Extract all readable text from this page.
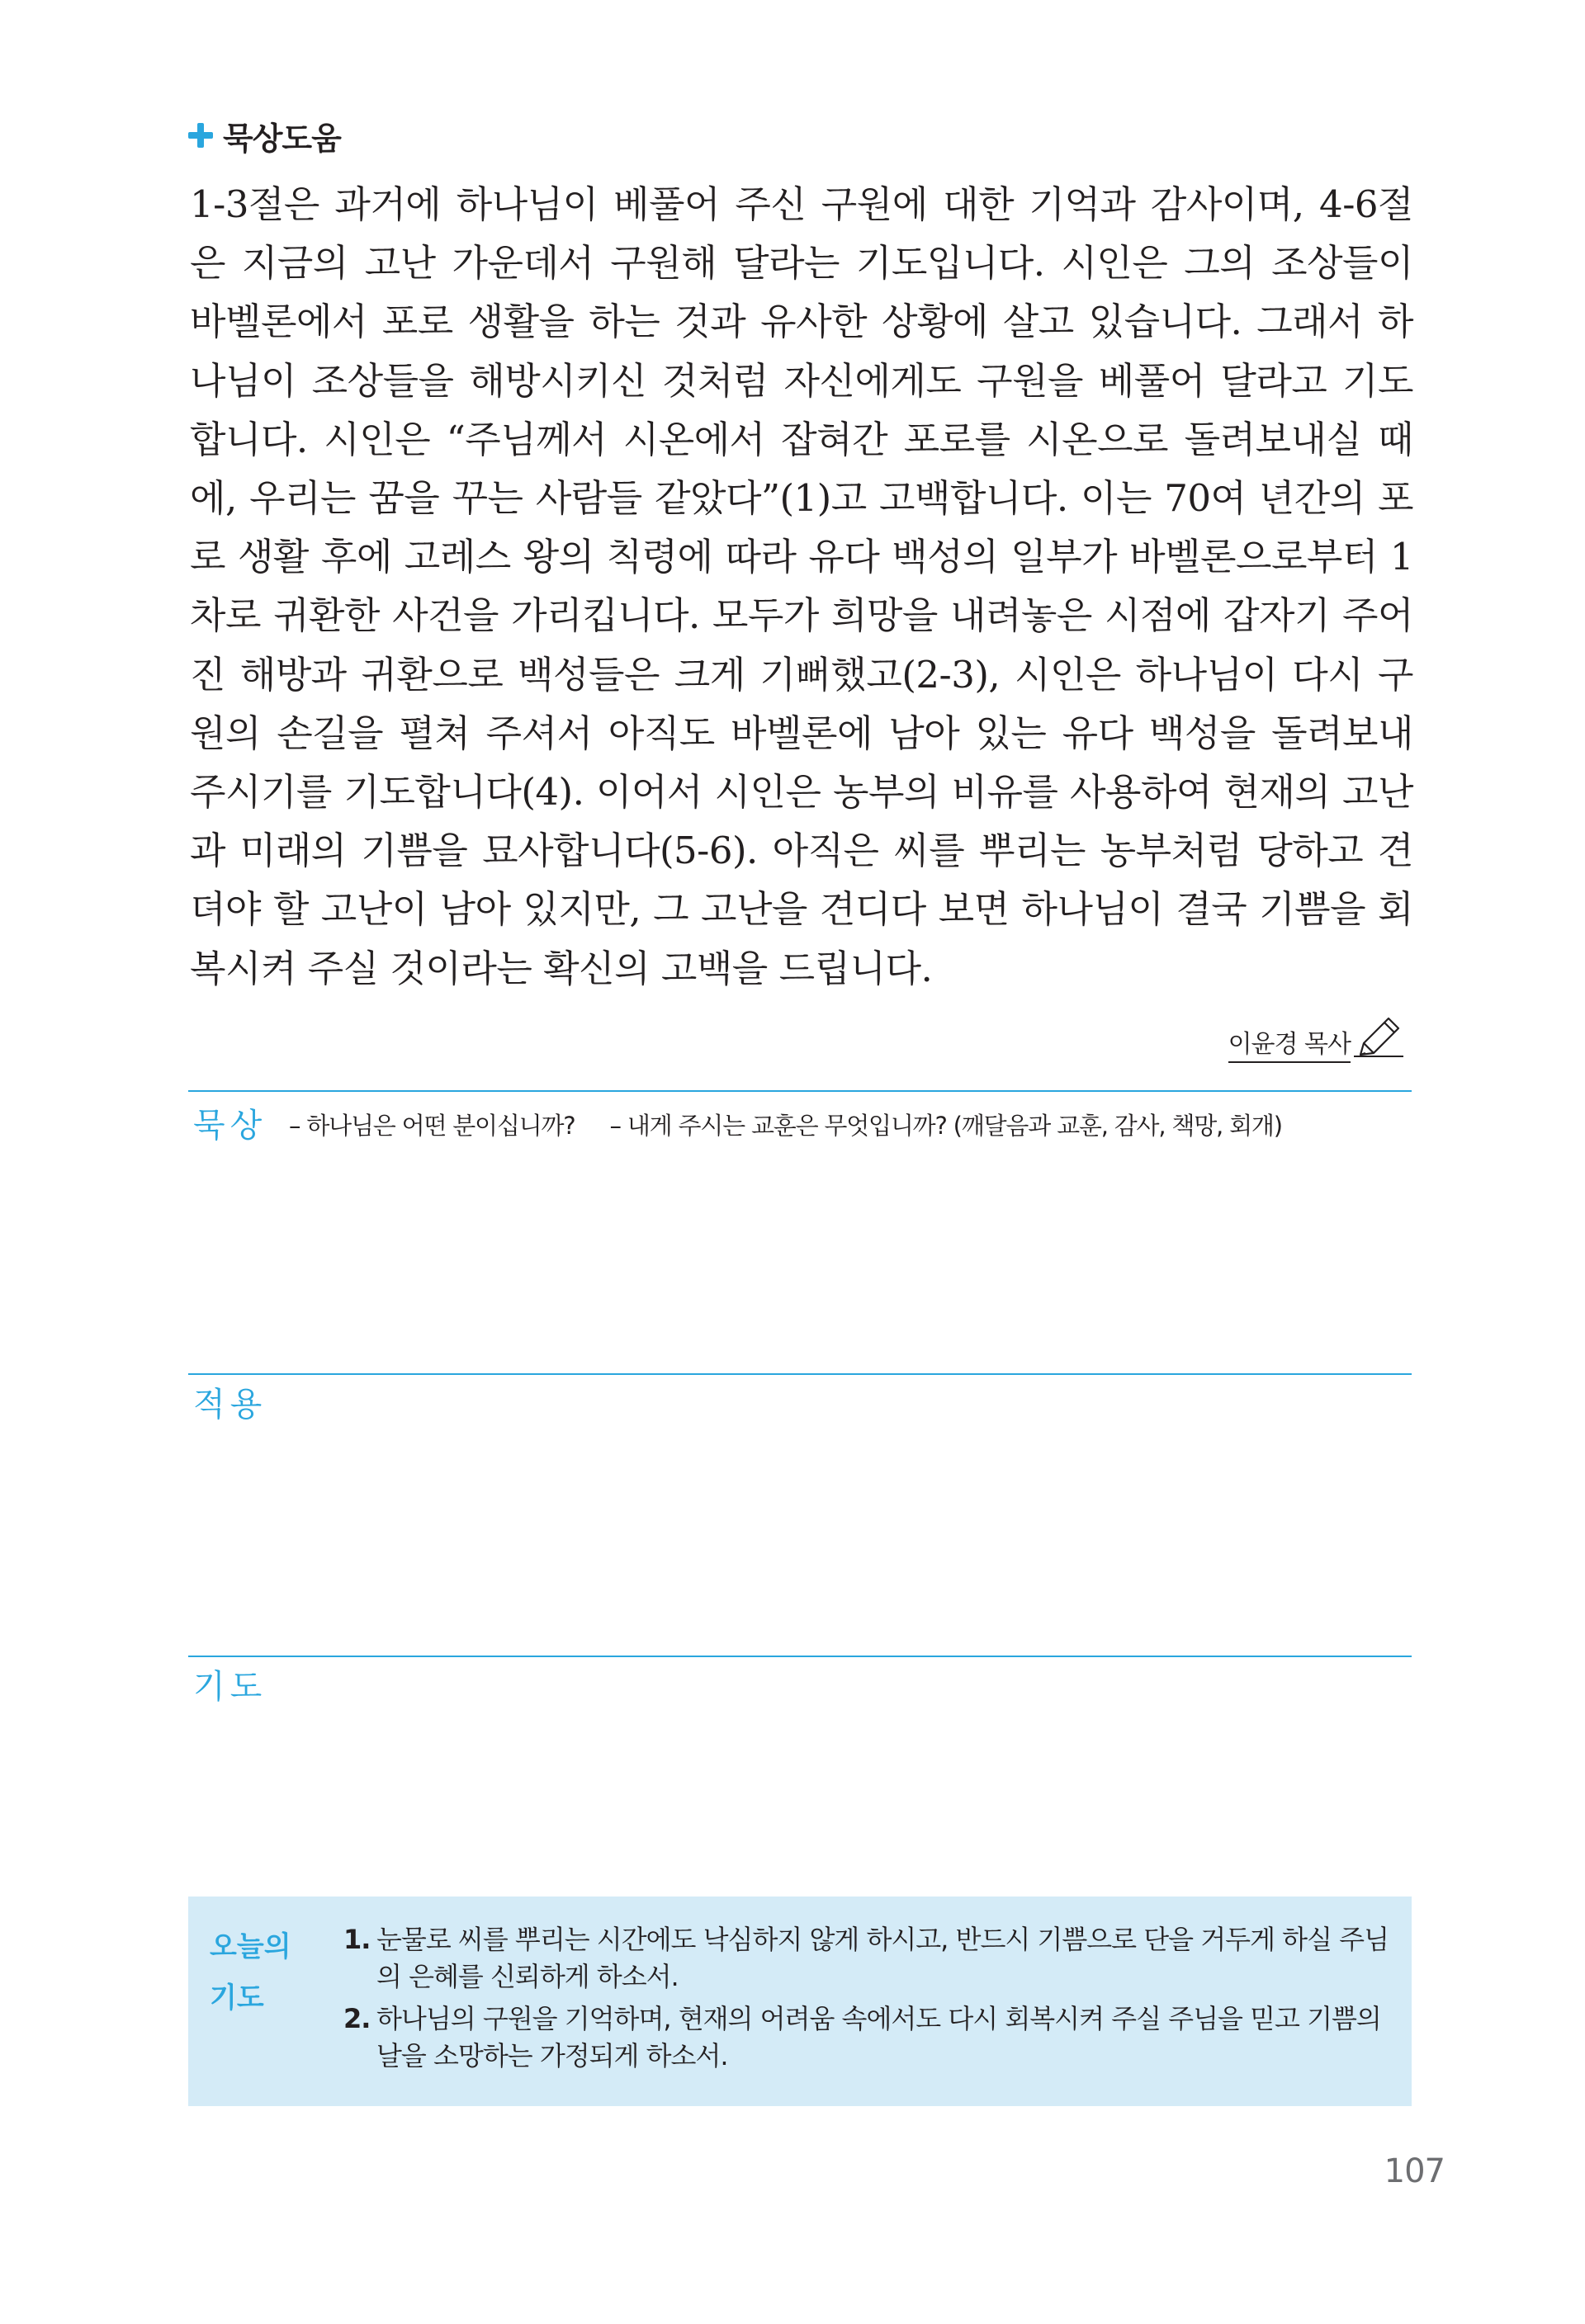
묵상도움

1-3절은 과거에 하나님이 베풀어 주신 구원에 대한 기억과 감사이며, 4-6절은 지금의 고난 가운데서 구원해 달라는 기도입니다. 시인은 그의 조상들이 바벨론에서 포로 생활을 하는 것과 유사한 상황에 살고 있습니다. 그래서 하나님이 조상들을 해방시키신 것처럼 자신에게도 구원을 베풀어 달라고 기도합니다. 시인은 “주님께서 시온에서 잡혀간 포로를 시온으로 돌려보내실 때에, 우리는 꿈을 꾸는 사람들 같았다”(1)고 고백합니다. 이는 70여 년간의 포로 생활 후에 고레스 왕의 칙령에 따라 유다 백성의 일부가 바벨론으로부터 1차로 귀환한 사건을 가리킵니다. 모두가 희망을 내려놓은 시점에 갑자기 주어진 해방과 귀환으로 백성들은 크게 기뻐했고(2-3), 시인은 하나님이 다시 구원의 손길을 펼쳐 주셔서 아직도 바벨론에 남아 있는 유다 백성을 돌려보내 주시기를 기도합니다(4). 이어서 시인은 농부의 비유를 사용하여 현재의 고난과 미래의 기쁨을 묘사합니다(5-6). 아직은 씨를 뿌리는 농부처럼 당하고 견뎌야 할 고난이 남아 있지만, 그 고난을 견디다 보면 하나님이 결국 기쁨을 회복시켜 주실 것이라는 확신의 고백을 드립니다.

이윤경 목사
묵상 – 하나님은 어떤 분이십니까? – 내게 주시는 교훈은 무엇입니까? (깨달음과 교훈, 감사, 책망, 회개)
적용
기도
오늘의
기도
1. 눈물로 씨를 뿌리는 시간에도 낙심하지 않게 하시고, 반드시 기쁨으로 단을 거두게 하실 주님의 은혜를 신뢰하게 하소서.
2. 하나님의 구원을 기억하며, 현재의 어려움 속에서도 다시 회복시켜 주실 주님을 믿고 기쁨의 날을 소망하는 가정되게 하소서.
107
